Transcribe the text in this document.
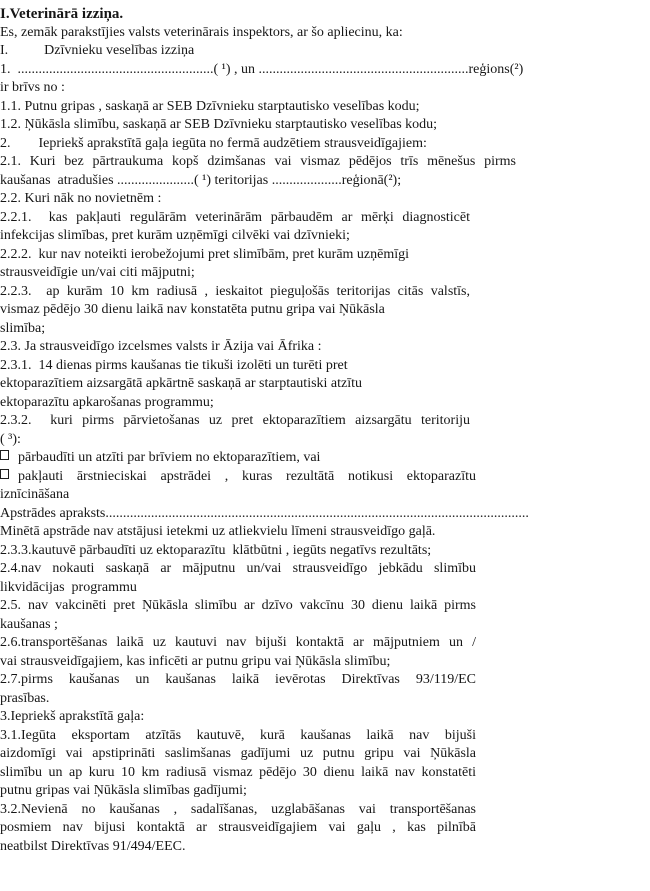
I.Veterinārā izziņa.

Es, zemāk parakstījies valsts veterinārais inspektors, ar šo apliecinu, ka:

I.	Dzīvnieku veselības izziņa

1.  ........................................................( ¹) , un ............................................................reģions(²)

ir brīvs no :

1.1. Putnu gripas , saskaņā ar SEB Dzīvnieku starptautisko veselības kodu;

1.2. Ņūkāsla slimību, saskaņā ar SEB Dzīvnieku starptautisko veselības kodu;

2.        Iepriekš aprakstītā gaļa iegūta no fermā audzētiem strausveidīgajiem:

2.1. Kuri bez pārtraukuma kopš dzimšanas vai vismaz pēdējos trīs mēnešus pirms

kaušanas  atradušies ......................( ¹) teritorijas ....................reģionā(²);

2.2. Kuri nāk no novietnēm :

2.2.1.  kas pakļauti regulārām veterinārām pārbaudēm ar mērķi diagnosticēt

infekcijas slimības, pret kurām uzņēmīgi cilvēki vai dzīvnieki;

2.2.2.  kur nav noteikti ierobežojumi pret slimībām, pret kurām uzņēmīgi

strausveidīgie un/vai citi mājputni;

2.2.3.  ap kurām 10 km radiusā , ieskaitot pieguļošās teritorijas citās valstīs,

vismaz pēdējo 30 dienu laikā nav konstatēta putnu gripa vai Ņūkāsla

slimība;

2.3. Ja strausveidīgo izcelsmes valsts ir Āzija vai Āfrika :

2.3.1.  14 dienas pirms kaušanas tie tikuši izolēti un turēti pret

ektoparazītiem aizsargātā apkārtnē saskaņā ar starptautiski atzītu

ektoparazītu apkarošanas programmu;

2.3.2.  kuri pirms pārvietošanas uz pret ektoparazītiem aizsargātu teritoriju

( ³):

pārbaudīti un atzīti par brīviem no ektoparazītiem, vai

pakļauti ārstnieciskai apstrādei , kuras rezultātā notikusi ektoparazītu

iznīcināšana

Apstrādes apraksts.........................................................................................................................

Minētā apstrāde nav atstājusi ietekmi uz atliekvielu līmeni strausveidīgo gaļā.

2.3.3.kautuvē pārbaudīti uz ektoparazītu  klātbūtni , iegūts negatīvs rezultāts;

2.4.nav nokauti saskaņā ar mājputnu un/vai strausveidīgo jebkādu slimību

likvidācijas  programmu

2.5. nav vakcinēti pret Ņūkāsla slimību ar dzīvo vakcīnu 30 dienu laikā pirms

kaušanas ;

2.6.transportēšanas laikā uz kautuvi nav bijuši kontaktā ar mājputniem un /

vai strausveidīgajiem, kas inficēti ar putnu gripu vai Ņūkāsla slimību;

2.7.pirms kaušanas un kaušanas laikā ievērotas Direktīvas 93/119/EC

prasības.

3.Iepriekš aprakstītā gaļa:

3.1.Iegūta eksportam atzītās kautuvē, kurā kaušanas laikā nav bijuši

aizdomīgi vai apstiprināti saslimšanas gadījumi uz putnu gripu vai Ņūkāsla

slimību un ap kuru 10 km radiusā vismaz pēdējo 30 dienu laikā nav konstatēti

putnu gripas vai Ņūkāsla slimības gadījumi;

3.2.Nevienā no kaušanas , sadalīšanas, uzglabāšanas vai transportēšanas

posmiem nav bijusi kontaktā ar strausveidīgajiem vai gaļu , kas pilnībā

neatbilst Direktīvas 91/494/EEC.
